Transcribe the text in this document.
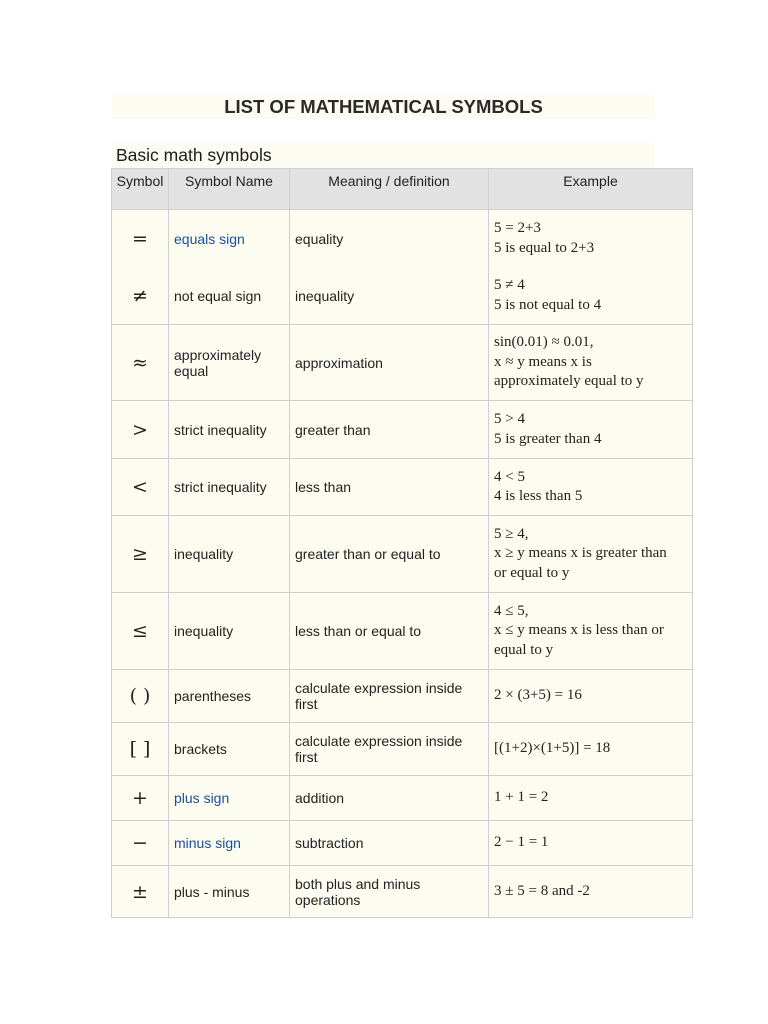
LIST OF MATHEMATICAL SYMBOLS
Basic math symbols
Symbol	Symbol Name	Meaning / definition	Example
=	equals sign	equality	5 = 2+3
5 is equal to 2+3

≠	not equal sign	inequality	5 ≠ 4
5 is not equal to 4

≈	approximately equal	approximation	sin(0.01) ≈ 0.01,
x ≈ y means x is
approximately equal to y

>	strict inequality	greater than	5 > 4
5 is greater than 4

<	strict inequality	less than	4 < 5
4 is less than 5

≥	inequality	greater than or equal to	5 ≥ 4,
x ≥ y means x is greater than
or equal to y

≤	inequality	less than or equal to	4 ≤ 5,
x ≤ y means x is less than or
equal to y

( )	parentheses	calculate expression inside first	2 × (3+5) = 16

[ ]	brackets	calculate expression inside first	[(1+2)×(1+5)] = 18

+	plus sign	addition	1 + 1 = 2

−	minus sign	subtraction	2 − 1 = 1

±	plus - minus	both plus and minus operations	3 ± 5 = 8 and -2
